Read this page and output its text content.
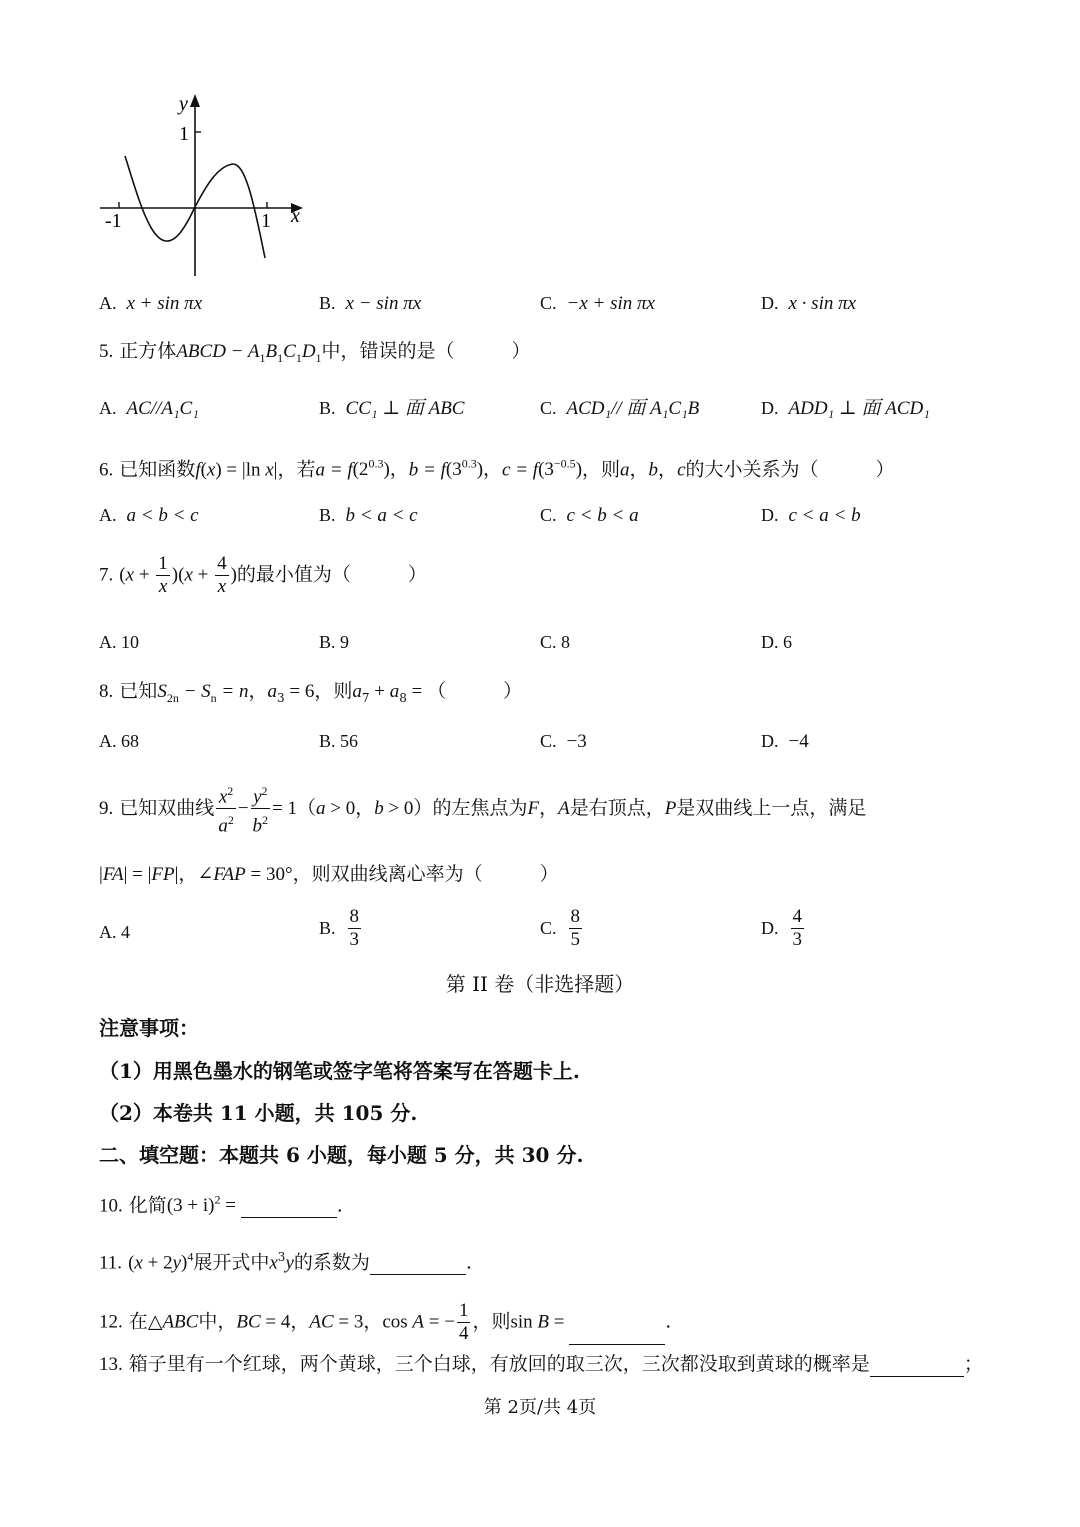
y
x
1
-1	1
A. x + sin πx	B. x − sin πx	C. −x + sin πx	D. x · sin πx
5. 正方体ABCD − $A_1B_1C_1D_1$中，错误的是（　　　）
A. AC//A₁C₁	B. CC₁ ⊥ 面 ABC	C. ACD₁// 面 A₁C₁B	D. ADD₁ ⊥ 面 ACD₁
6. 已知函数f(x) = |ln x|，若$a = f(2^{0.3})$，$b = f(3^{0.3})$，$c = f(3^{-0.5})$，则a，b，c的大小关系为（　　　）
A. a < b < c	B. b < a < c	C. c < b < a	D. c < a < b
7. $(x + \frac{1}{x} )(x + \frac{4}{x}$ )的最小值为（　　　）
A. 10	B. 9	C. 8	D. 6
8. 已知$S_{2n} - S_n = n$，$a_3 = 6$，则$a_7 + a_8$ = （　　　）
A. 68	B. 56	C. −3	D. −4
9. 已知双曲线 $\frac{x^2}{a^2} - \frac{y^2}{b^2} = 1(a > 0$，b > 0）的左焦点为F，A是右顶点，P是双曲线上一点，满足
|FA| = |FP|，∠FAP = 30°，则双曲线离心率为（　　　）
A. 4	B. $\frac{8}{3}$	C. $\frac{8}{5}$	D. $\frac{4}{3}$
第 II 卷（非选择题）
注意事项：
（1）用黑色墨水的钢笔或签字笔将答案写在答题卡上.
（2）本卷共 11 小题，共 105 分.
二、填空题：本题共 6 小题，每小题 5 分，共 30 分.
10. 化简$(3 + i)^2$ =	.
11. $(x + 2y)^4$展开式中$x^3y$的系数为	.
12. 在△ABC中，BC = 4，AC = 3，cos A = − $\frac{1}{4}$ ，则sin B =	.
13. 箱子里有一个红球，两个黄球，三个白球，有放回的取三次，三次都没取到黄球的概率是	；
第 2页/共 4页
